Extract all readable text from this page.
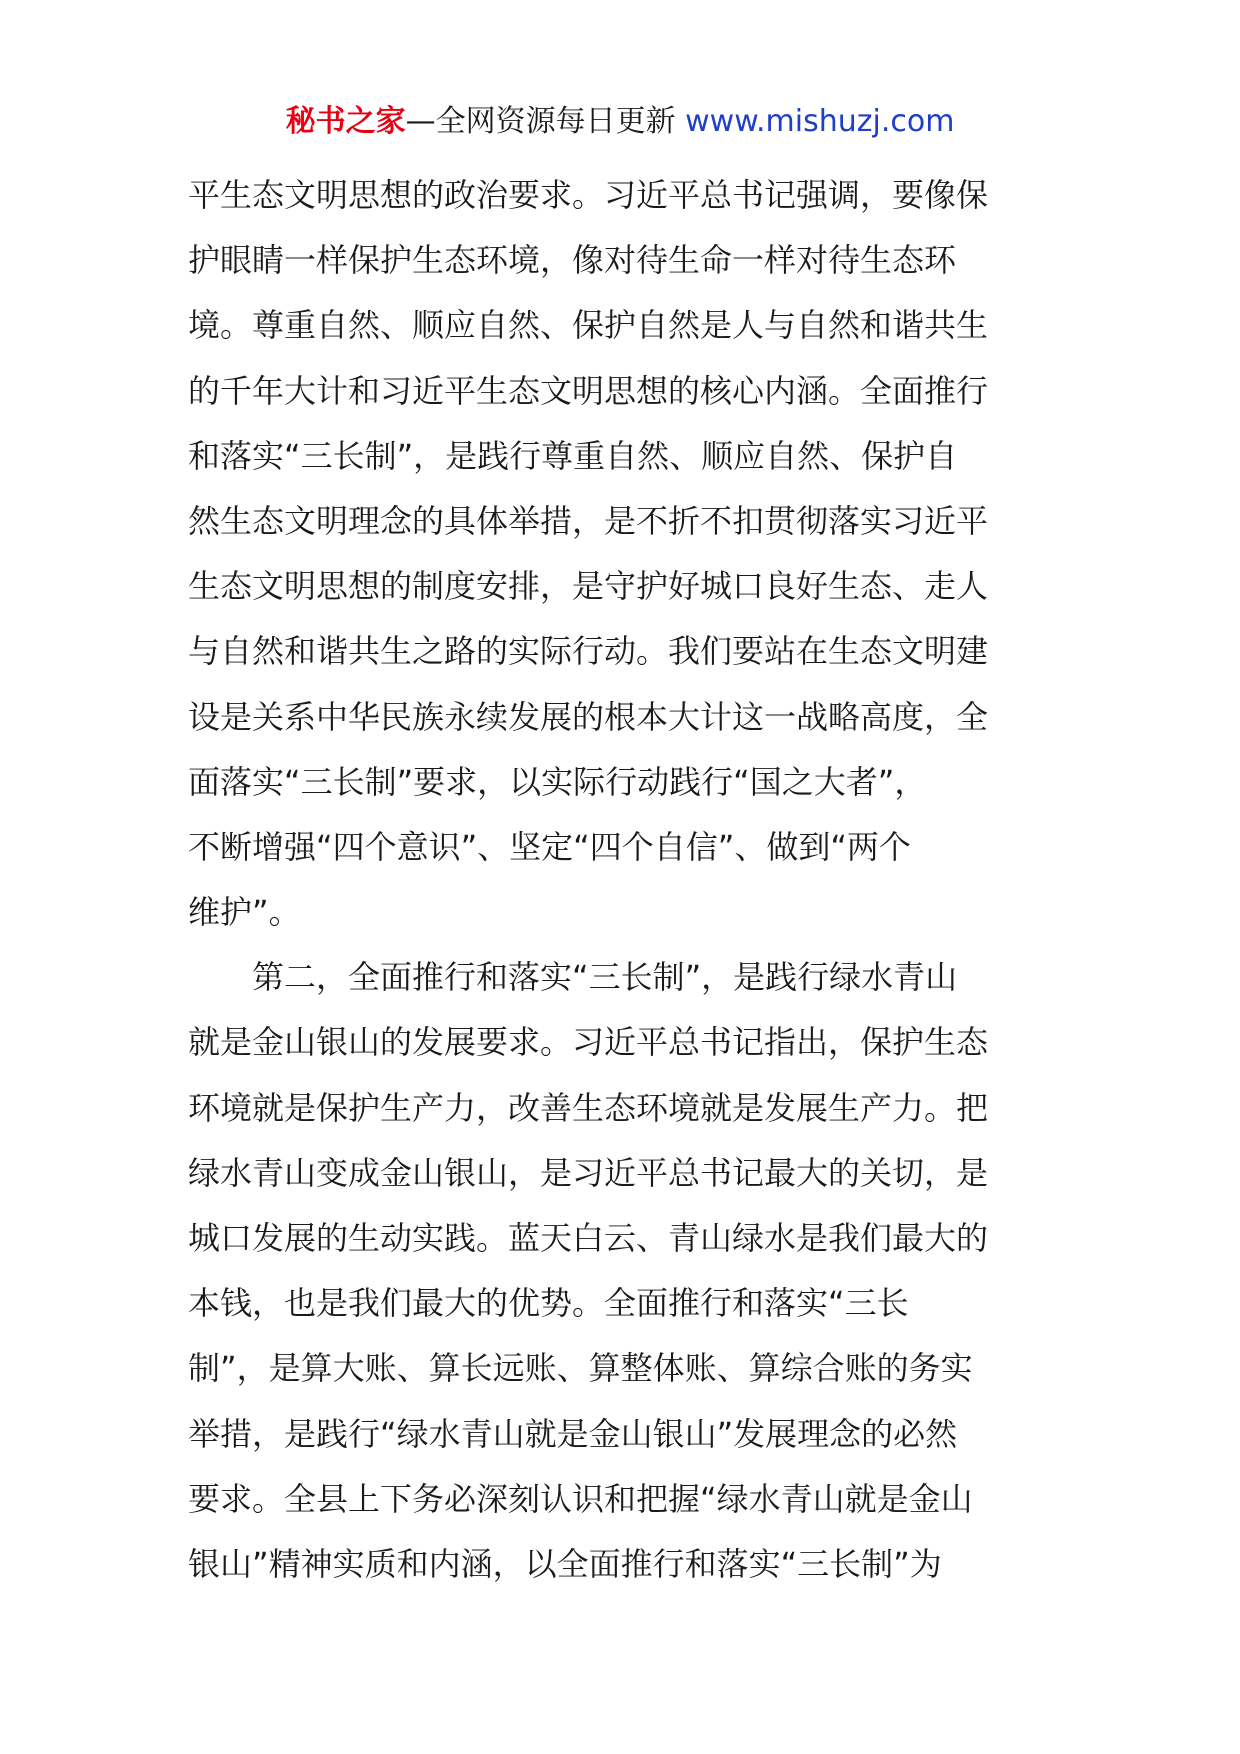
秘书之家—全网资源每日更新 www.mishuzj.com
平生态文明思想的政治要求。习近平总书记强调，要像保
护眼睛一样保护生态环境，像对待生命一样对待生态环
境。尊重自然、顺应自然、保护自然是人与自然和谐共生
的千年大计和习近平生态文明思想的核心内涵。全面推行
和落实“三长制”，是践行尊重自然、顺应自然、保护自
然生态文明理念的具体举措，是不折不扣贯彻落实习近平
生态文明思想的制度安排，是守护好城口良好生态、走人
与自然和谐共生之路的实际行动。我们要站在生态文明建
设是关系中华民族永续发展的根本大计这一战略高度，全
面落实“三长制”要求，以实际行动践行“国之大者”，
不断增强“四个意识”、坚定“四个自信”、做到“两个
维护”。
　　第二，全面推行和落实“三长制”，是践行绿水青山
就是金山银山的发展要求。习近平总书记指出，保护生态
环境就是保护生产力，改善生态环境就是发展生产力。把
绿水青山变成金山银山，是习近平总书记最大的关切，是
城口发展的生动实践。蓝天白云、青山绿水是我们最大的
本钱，也是我们最大的优势。全面推行和落实“三长
制”，是算大账、算长远账、算整体账、算综合账的务实
举措，是践行“绿水青山就是金山银山”发展理念的必然
要求。全县上下务必深刻认识和把握“绿水青山就是金山
银山”精神实质和内涵，以全面推行和落实“三长制”为
